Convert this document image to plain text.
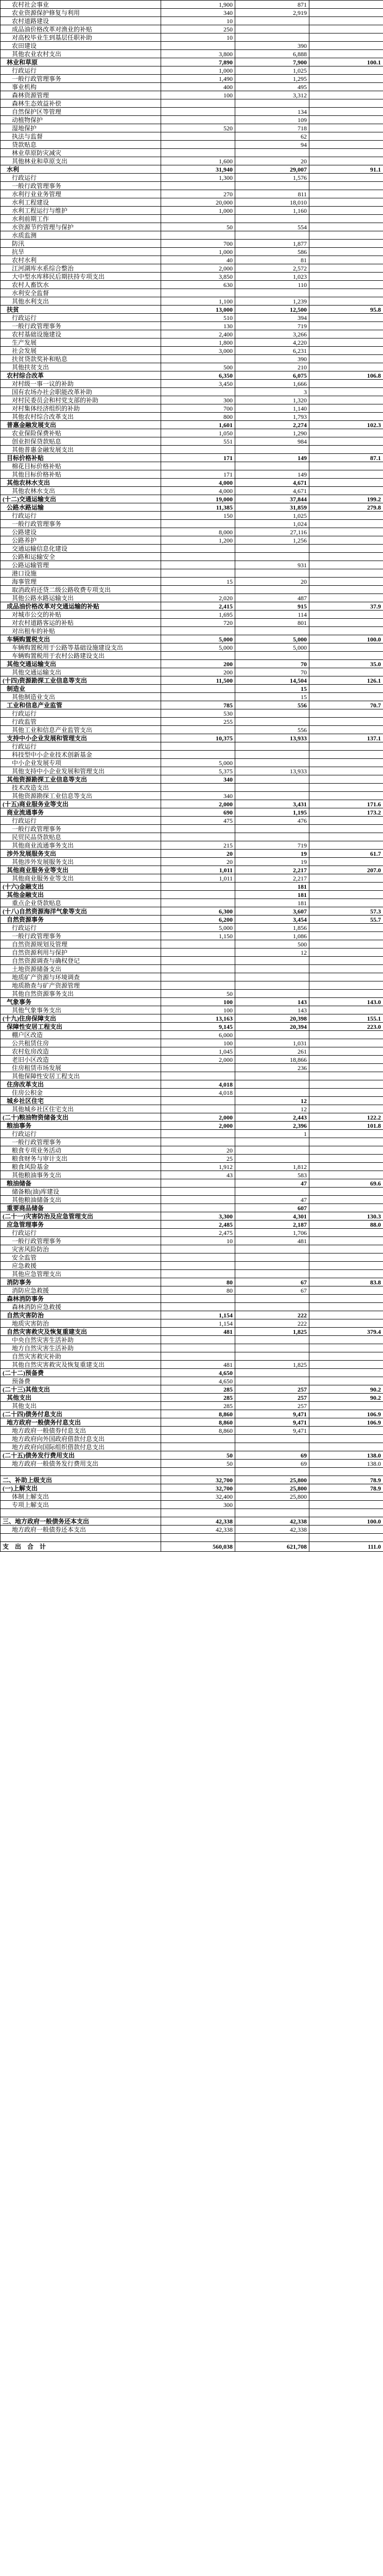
农村社会事业	1,900	871	
农业资源保护修复与利用	340	2,919	
农村道路建设	10		
成品油价格改革对渔业的补贴	250		
对高校毕业生到基层任职补助	10		
农田建设		390	
其他农业农村支出	3,800	6,888	
林业和草原	7,890	7,900	100.1
行政运行	1,000	1,025	
一般行政管理事务	1,490	1,295	
事业机构	400	495	
森林资源管理	100	3,312	
森林生态效益补偿			
自然保护区等管理		134	
动植物保护		109	
湿地保护	520	718	
执法与监督		62	
贷款贴息		94	
林业草原防灾减灾			
其他林业和草原支出	1,600	20	
水利	31,940	29,007	91.1
行政运行	1,300	1,576	
一般行政管理事务			
水利行业业务管理	270	811	
水利工程建设	20,000	18,010	
水利工程运行与维护	1,000	1,160	
水利前期工作			
水资源节约管理与保护	50	554	
水质监测			
防汛	700	1,877	
抗旱	1,000	586	
农村水利	40	81	
江河湖库水系综合整治	2,000	2,572	
大中型水库移民后期扶持专项支出	3,850	1,023	
农村人畜饮水	630	110	
水利安全监督			
其他水利支出	1,100	1,239	
扶贫	13,000	12,500	95.8
行政运行	510	394	
一般行政管理事务	130	719	
农村基础设施建设	2,400	3,266	
生产发展	1,800	4,220	
社会发展	3,000	6,231	
扶贫贷款奖补和贴息		390	
其他扶贫支出	500	210	
农村综合改革	6,350	6,075	106.8
对村级一事一议的补助	3,450	1,666	
国有农场办社会职能改革补助		3	
对村民委员会和村党支部的补助	300	1,320	
对村集体经济组织的补助	700	1,140	
其他农村综合改革支出	800	1,793	
普惠金融发展支出	1,601	2,274	102.3
农业保险保费补贴	1,050	1,290	
创业担保贷款贴息	551	984	
其他普惠金融发展支出			
目标价格补贴	171	149	87.1
棉花目标价格补贴			
其他目标价格补贴	171	149	
其他农林水支出	4,000	4,671	
其他农林水支出	4,000	4,671	
(十二)交通运输支出	19,000	37,844	199.2
公路水路运输	11,385	31,859	279.8
行政运行	150	1,025	
一般行政管理事务		1,024	
公路建设	8,000	27,116	
公路养护	1,200	1,256	
交通运输信息化建设			
公路和运输安全			
公路运输管理		931	
港口设施			
海事管理	15	20	
取消政府还贷二级公路收费专项支出			
其他公路水路运输支出	2,020	487	
成品油价格改革对交通运输的补贴	2,415	915	37.9
对城市公交的补贴	1,695	114	
对农村道路客运的补贴	720	801	
对出租车的补贴			
车辆购置税支出	5,000	5,000	100.0
车辆购置税用于公路等基础设施建设支出	5,000	5,000	
车辆购置税用于农村公路建设支出			
其他交通运输支出	200	70	35.0
其他交通运输支出	200	70	
(十四)资源勘探工业信息等支出	11,500	14,504	126.1
制造业		15	
其他制造业支出		15	
工业和信息产业监管	785	556	70.7
行政运行	530		
行政监管	255		
其他工业和信息产业监管支出		556	
支持中小企业发展和管理支出	10,375	13,933	137.1
行政运行			
科技型中小企业技术创新基金			
中小企业发展专项	5,000		
其他支持中小企业发展和管理支出	5,375	13,933	
其他资源勘探工业信息等支出	340		
技术改造支出			
其他资源勘探工业信息等支出	340		
(十五)商业服务业等支出	2,000	3,431	171.6
商业流通事务	690	1,195	173.2
行政运行	475	476	
一般行政管理事务			
民贸民品贷款贴息			
其他商业流通事务支出	215	719	
涉外发展服务支出	20	19	61.7
其他涉外发展服务支出	20	19	
其他商业服务业等支出	1,011	2,217	207.0
其他商业服务业等支出	1,011	2,217	
(十六)金融支出		181	
其他金融支出		181	
重点企业贷款贴息		181	
(十八)自然资源海洋气象等支出	6,300	3,607	57.3
自然资源事务	6,200	3,454	55.7
行政运行	5,000	1,856	
一般行政管理事务	1,150	1,086	
自然资源规划及管理		500	
自然资源利用与保护		12	
自然资源调查与确权登记			
土地资源储备支出			
地质矿产资源与环境调查			
地质勘查与矿产资源管理			
其他自然资源事务支出	50		
气象事务	100	143	143.0
其他气象事务支出	100	143	
(十九)住房保障支出	13,163	20,398	155.1
保障性安居工程支出	9,145	20,394	223.0
棚户区改造	6,000		
公共租赁住房	100	1,031	
农村危房改造	1,045	261	
老旧小区改造	2,000	18,866	
住房租赁市场发展		236	
其他保障性安居工程支出			
住房改革支出	4,018		
住房公积金	4,018		
城乡社区住宅		12	
其他城乡社区住宅支出		12	
(二十)粮油物资储备支出	2,000	2,443	122.2
粮油事务	2,000	2,396	101.8
行政运行		1	
一般行政管理事务			
粮食专项业务活动	20		
粮食财务与审计支出	25		
粮食风险基金	1,912	1,812	
其他粮油事务支出	43	583	
粮油储备		47	69.6
储备粮(油)库建设			
其他粮油储备支出		47	
重要商品储备		607	
(二十一)灾害防治及应急管理支出	3,300	4,301	130.3
应急管理事务	2,485	2,187	88.0
行政运行	2,475	1,706	
一般行政管理事务	10	481	
灾害风险防治			
安全监管			
应急救援			
其他应急管理支出			
消防事务	80	67	83.8
消防应急救援	80	67	
森林消防事务			
森林消防应急救援			
自然灾害防治	1,154	222	
地质灾害防治	1,154	222	
自然灾害救灾及恢复重建支出	481	1,825	379.4
中央自然灾害生活补助			
地方自然灾害生活补助			
自然灾害救灾补助			
其他自然灾害救灾及恢复重建支出	481	1,825	
(二十二)预备费	4,650		
预备费	4,650		
(二十三)其他支出	285	257	90.2
其他支出	285	257	90.2
其他支出	285	257	
(二十四)债务付息支出	8,860	9,471	106.9
地方政府一般债务付息支出	8,860	9,471	106.9
地方政府一般债券付息支出	8,860	9,471	
地方政府向外国政府借款付息支出			
地方政府向国际组织借款付息支出			
(二十五)债务发行费用支出	50	69	138.0
地方政府一般债务发行费用支出	50	69	138.0

二、补助上级支出	32,700	25,800	78.9
(一)上解支出	32,700	25,800	78.9
体制上解支出	32,400	25,800	
专项上解支出	300		

三、地方政府一般债务还本支出	42,338	42,338	100.0
地方政府一般债券还本支出	42,338	42,338	

支　出　合　计	560,038	621,708	111.0
